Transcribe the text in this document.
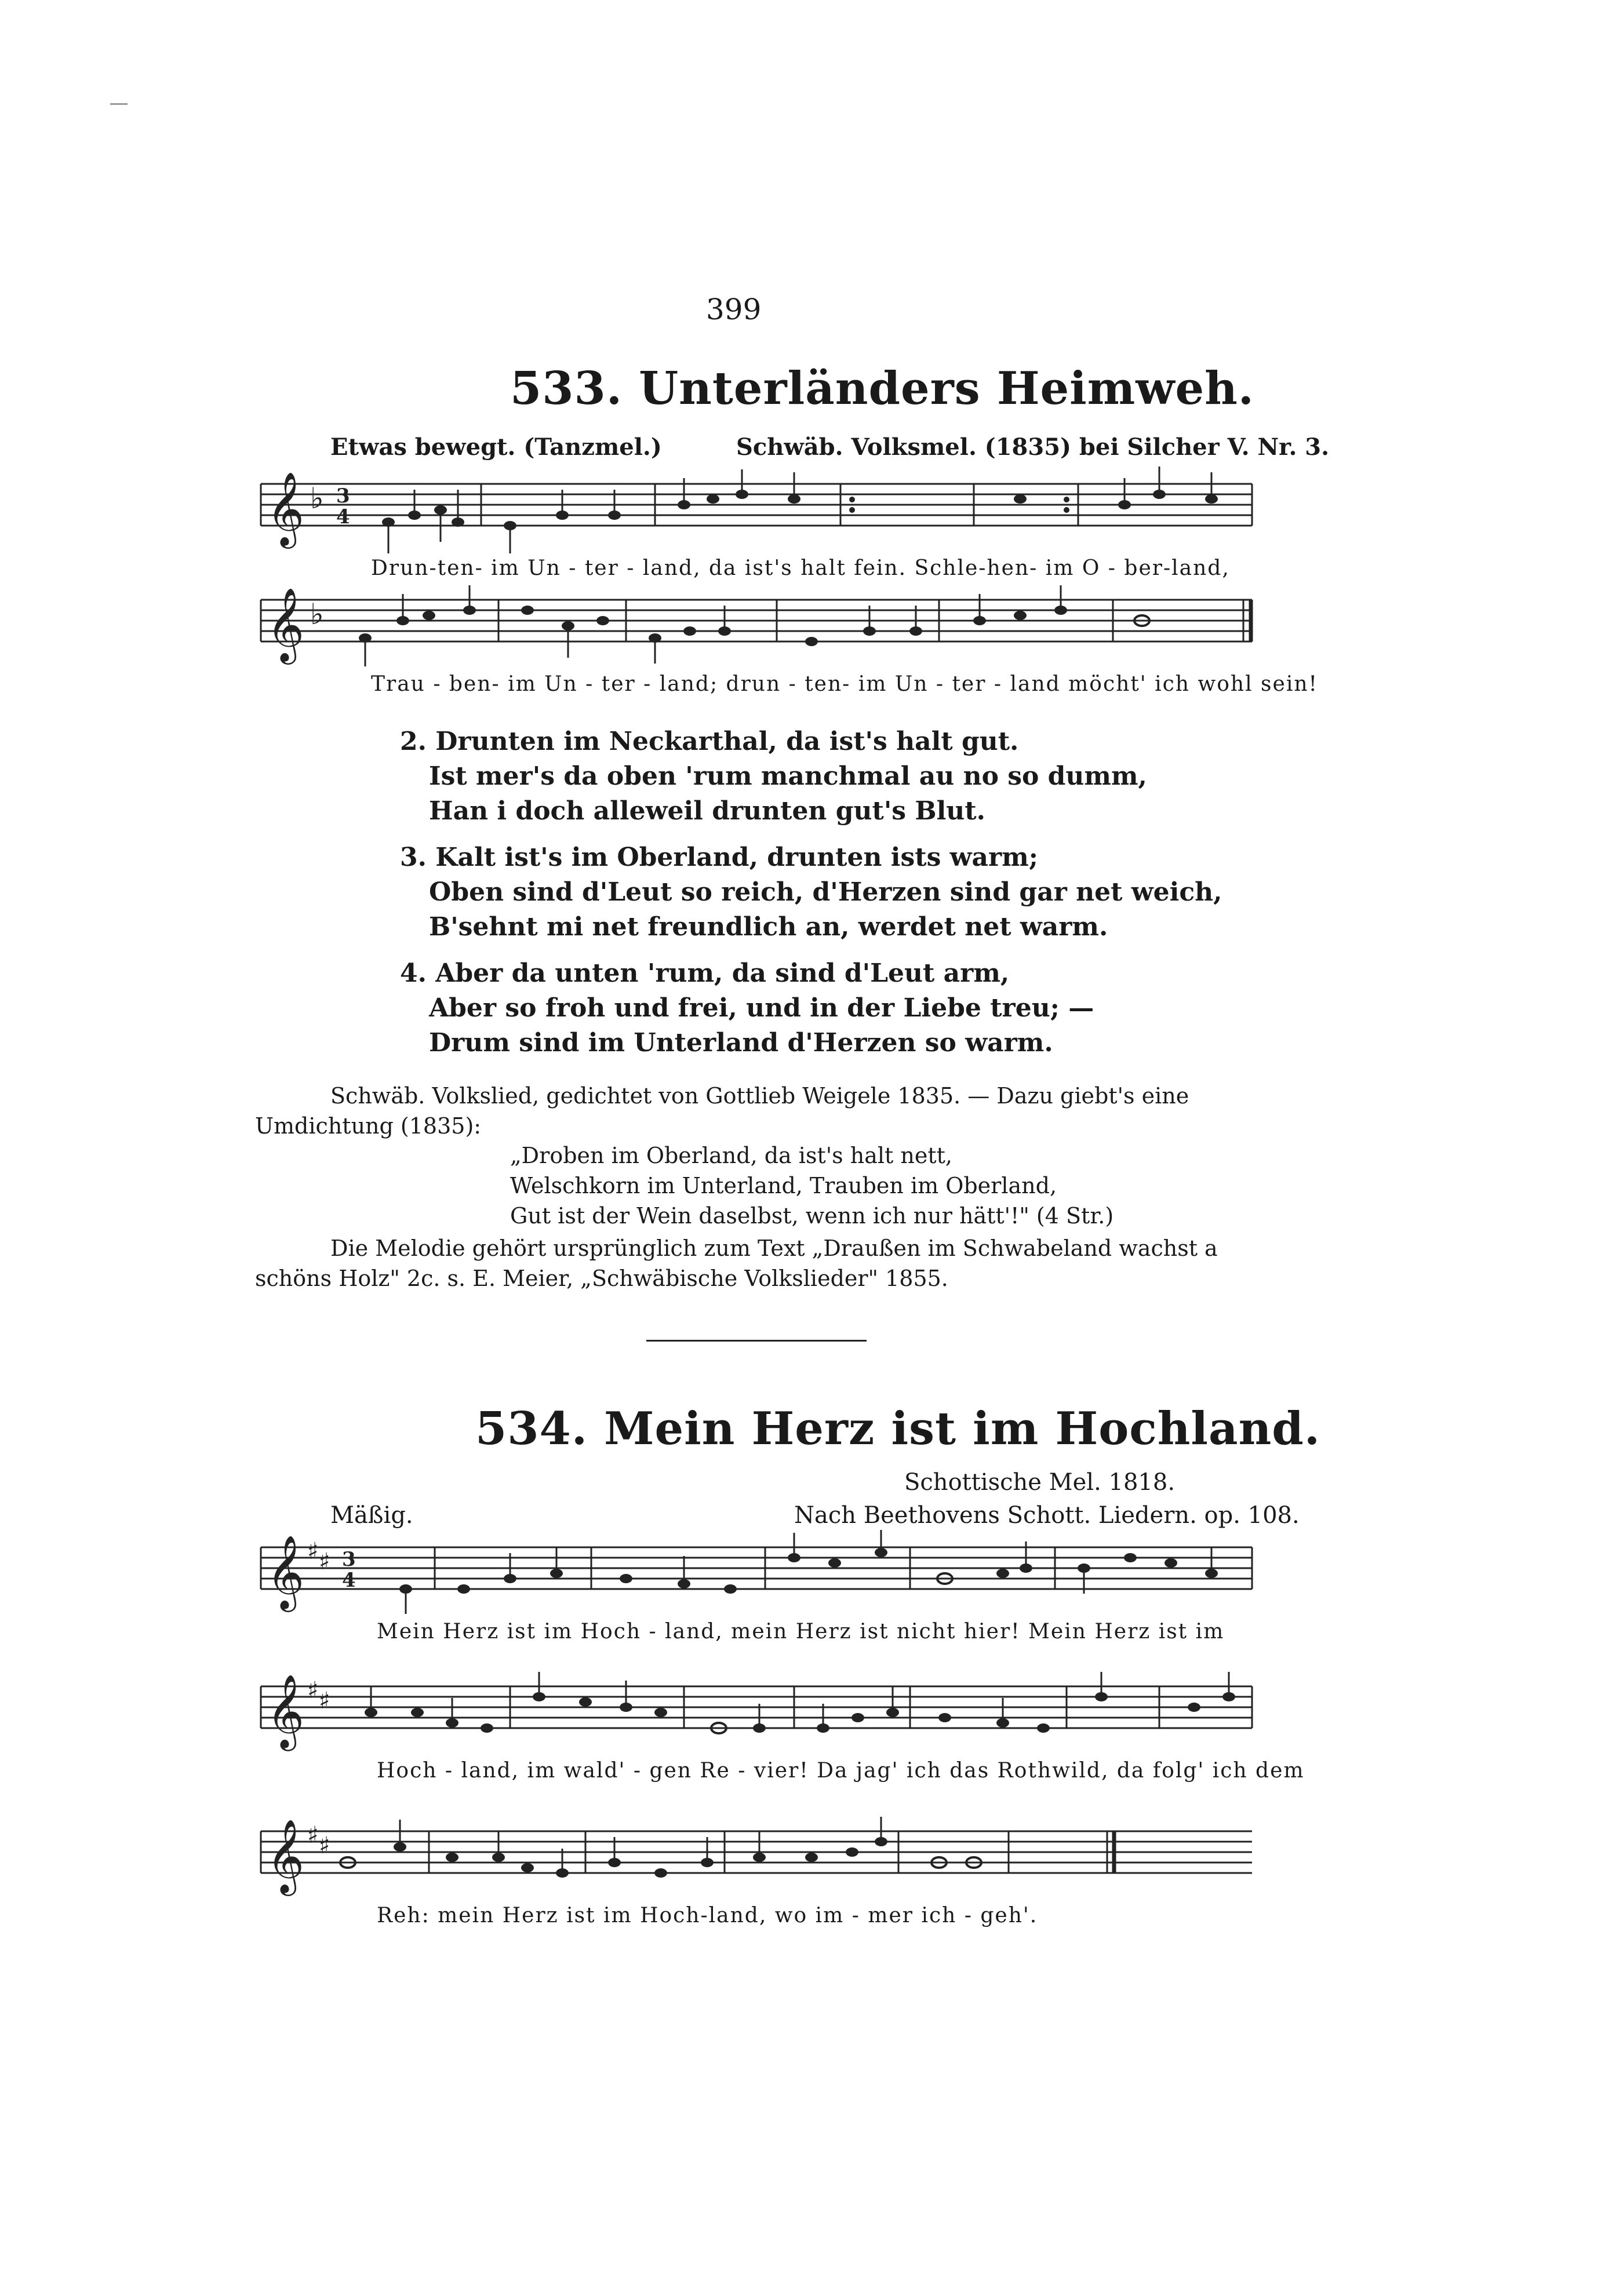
399
533. Unterländers Heimweh.
Etwas bewegt. (Tanzmel.)	Schwäb. Volksmel. (1835) bei Silcher V. Nr. 3.
𝄞 ♭ 3
4
Drun-ten- im Un - ter - land, da ist's halt fein. Schle-hen- im O - ber-land,
𝄞 ♭
Trau - ben- im Un - ter - land; drun - ten- im Un - ter - land möcht' ich wohl sein!
2. Drunten im Neckarthal, da ist's halt gut.
Ist mer's da oben 'rum manchmal au no so dumm,
Han i doch alleweil drunten gut's Blut.
3. Kalt ist's im Oberland, drunten ists warm;
Oben sind d'Leut so reich, d'Herzen sind gar net weich,
B'sehnt mi net freundlich an, werdet net warm.
4. Aber da unten 'rum, da sind d'Leut arm,
Aber so froh und frei, und in der Liebe treu; —
Drum sind im Unterland d'Herzen so warm.
Schwäb. Volkslied, gedichtet von Gottlieb Weigele 1835. — Dazu giebt's eine Umdichtung (1835):
„Droben im Oberland, da ist's halt nett,
Welschkorn im Unterland, Trauben im Oberland,
Gut ist der Wein daselbst, wenn ich nur hätt'!" (4 Str.)
Die Melodie gehört ursprünglich zum Text „Draußen im Schwabeland wachst a schöns Holz" 2c. s. E. Meier, „Schwäbische Volkslieder" 1855.
534. Mein Herz ist im Hochland.
Schottische Mel. 1818.
Mäßig.	Nach Beethovens Schott. Liedern. op. 108.
𝄞 ♯ ♯ 3
4
Mein Herz ist im Hoch - land, mein Herz ist nicht hier! Mein Herz ist im
𝄞 ♯ ♯
Hoch - land, im wald' - gen Re - vier! Da jag' ich das Rothwild, da folg' ich dem
𝄞 ♯ ♯
Reh: mein Herz ist im Hoch-land, wo im - mer ich - geh'.
